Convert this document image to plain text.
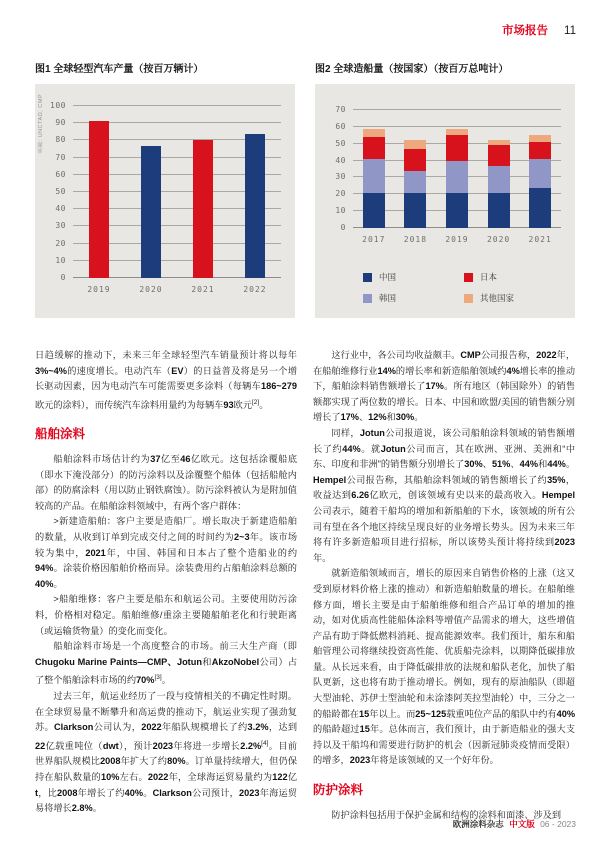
市场报告 11
图1 全球轻型汽车产量（按百万辆计）	图2 全球造船量（按国家）（按百万总吨计）
来源: UNCTAD, CMP
0
10
20
30
40
50
60
70
80
90
100
2019	2020	2021	2022
0
10
20
30
40
50
60
70
2017	2018	2019	2020	2021
中国	日本
韩国	其他国家

日趋缓解的推动下，未来三年全球轻型汽车销量预计将以每年3%~4%的速度增长。电动汽车（EV）的日益普及将是另一个增长驱动因素，因为电动汽车可能需要更多涂料（每辆车186~279欧元的涂料），而传统汽车涂料用量约为每辆车93欧元[2]。

船舶涂料

船舶涂料市场估计约为37亿至46亿欧元。这包括涂覆船底（即水下淹没部分）的防污涂料以及涂覆整个船体（包括船舱内部）的防腐涂料（用以防止钢铁腐蚀）。防污涂料被认为是附加值较高的产品。在船舶涂料领域中，有两个客户群体：

>新建造船舶：客户主要是造船厂。增长取决于新建造船舶的数量，从收到订单到完成交付之间的时间约为2~3年。该市场较为集中，2021年，中国、韩国和日本占了整个造船业的约94%。涂装价格因船舶价格而异。涂装费用约占船舶涂料总额的40%。

>船舶维修：客户主要是船东和航运公司。主要使用防污涂料，价格相对稳定。船舶维修/重涂主要随船舶老化和行驶距离（或运输货物量）的变化而变化。

船舶涂料市场是一个高度整合的市场。前三大生产商（即Chugoku Marine Paints—CMP、Jotun和AkzoNobel公司）占了整个船舶涂料市场的约70%[3]。

过去三年，航运业经历了一段与疫情相关的不确定性时期。在全球贸易量不断攀升和高运费的推动下，航运业实现了强劲复苏。Clarkson公司认为，2022年船队规模增长了约3.2%，达到22亿载重吨位（dwt），预计2023年将进一步增长2.2%[4]。目前世界船队规模比2008年扩大了约80%。订单量持续增大，但仍保持在船队数量的10%左右。2022年，全球海运贸易量约为122亿t，比2008年增长了约40%。Clarkson公司预计，2023年海运贸易将增长2.8%。

这行业中，各公司均收益颇丰。CMP公司报告称，2022年，在船舶维修行业14%的增长率和新造船舶领域约4%增长率的推动下，船舶涂料销售额增长了17%。所有地区（韩国除外）的销售额都实现了两位数的增长。日本、中国和欧盟/美国的销售额分别增长了17%、12%和30%。

同样，Jotun公司报道说，该公司船舶涂料领域的销售额增长了约44%。就Jotun公司而言，其在欧洲、亚洲、美洲和“中东、印度和非洲”的销售额分别增长了30%、51%、44%和44%。Hempel公司报告称，其船舶涂料领域的销售额增长了约35%，收益达到6.26亿欧元，创该领域有史以来的最高收入。Hempel公司表示，随着干船坞的增加和新船舶的下水，该领域的所有公司有望在各个地区持续呈现良好的业务增长势头。因为未来三年将有许多新造船项目进行招标，所以该势头预计将持续到2023年。

就新造船领域而言，增长的原因来自销售价格的上涨（这又受到原材料价格上涨的推动）和新造船舶数量的增长。在船舶维修方面，增长主要是由于船舶维修和组合产品订单的增加的推动，如对优质高性能船体涂料等增值产品需求的增大，这些增值产品有助于降低燃料消耗、提高能源效率。我们预计，船东和船舶管理公司将继续投资高性能、优质船壳涂料，以期降低碳排放量。从长远来看，由于降低碳排放的法规和船队老化，加快了船队更新，这也将有助于推动增长。例如，现有的原油船队（即超大型油轮、苏伊士型油轮和未涂漆阿芙拉型油轮）中，三分之一的船龄都在15年以上。而25~125载重吨位产品的船队中约有40%的船龄超过15年。总体而言，我们预计，由于新造船业的强大支持以及干船坞和需要进行防护的机会（因新冠肺炎疫情而受限）的增多，2023年将是该领域的又一个好年份。

防护涂料

防护涂料包括用于保护金属和结构的涂料和面漆、涉及到

欧洲涂料杂志 中文版 06 - 2023
